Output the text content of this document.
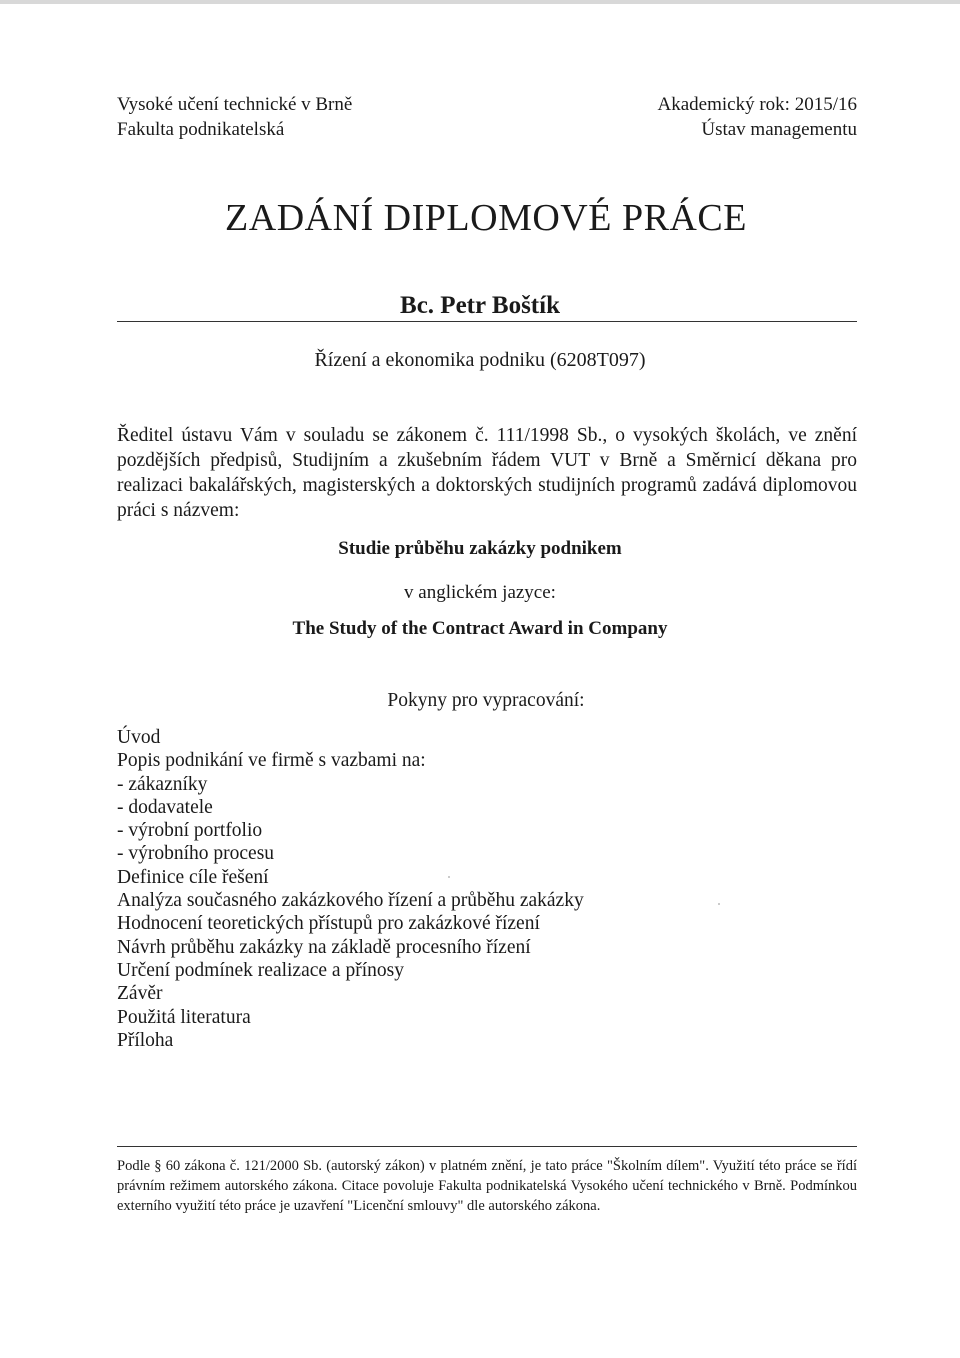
Vysoké učení technické v Brně
Fakulta podnikatelská
Akademický rok: 2015/16
Ústav managementu
ZADÁNÍ DIPLOMOVÉ PRÁCE
Bc. Petr Boštík
Řízení a ekonomika podniku (6208T097)
Ředitel ústavu Vám v souladu se zákonem č. 111/1998 Sb., o vysokých školách, ve znění pozdějších předpisů, Studijním a zkušebním řádem VUT v Brně a Směrnicí děkana pro realizaci bakalářských, magisterských a doktorských studijních programů zadává diplomovou práci s názvem:
Studie průběhu zakázky podnikem
v anglickém jazyce:
The Study of the Contract Award in Company
Pokyny pro vypracování:
Úvod
Popis podnikání ve firmě s vazbami na:
- zákazníky
- dodavatele
- výrobní portfolio
- výrobního procesu
Definice cíle řešení
Analýza současného zakázkového řízení a průběhu zakázky
Hodnocení teoretických přístupů pro zakázkové řízení
Návrh průběhu zakázky na základě procesního řízení
Určení podmínek realizace a přínosy
Závěr
Použitá literatura
Příloha
Podle § 60 zákona č. 121/2000 Sb. (autorský zákon) v platném znění, je tato práce "Školním dílem". Využití této práce se řídí právním režimem autorského zákona. Citace povoluje Fakulta podnikatelská Vysokého učení technického v Brně. Podmínkou externího využití této práce je uzavření "Licenční smlouvy" dle autorského zákona.
